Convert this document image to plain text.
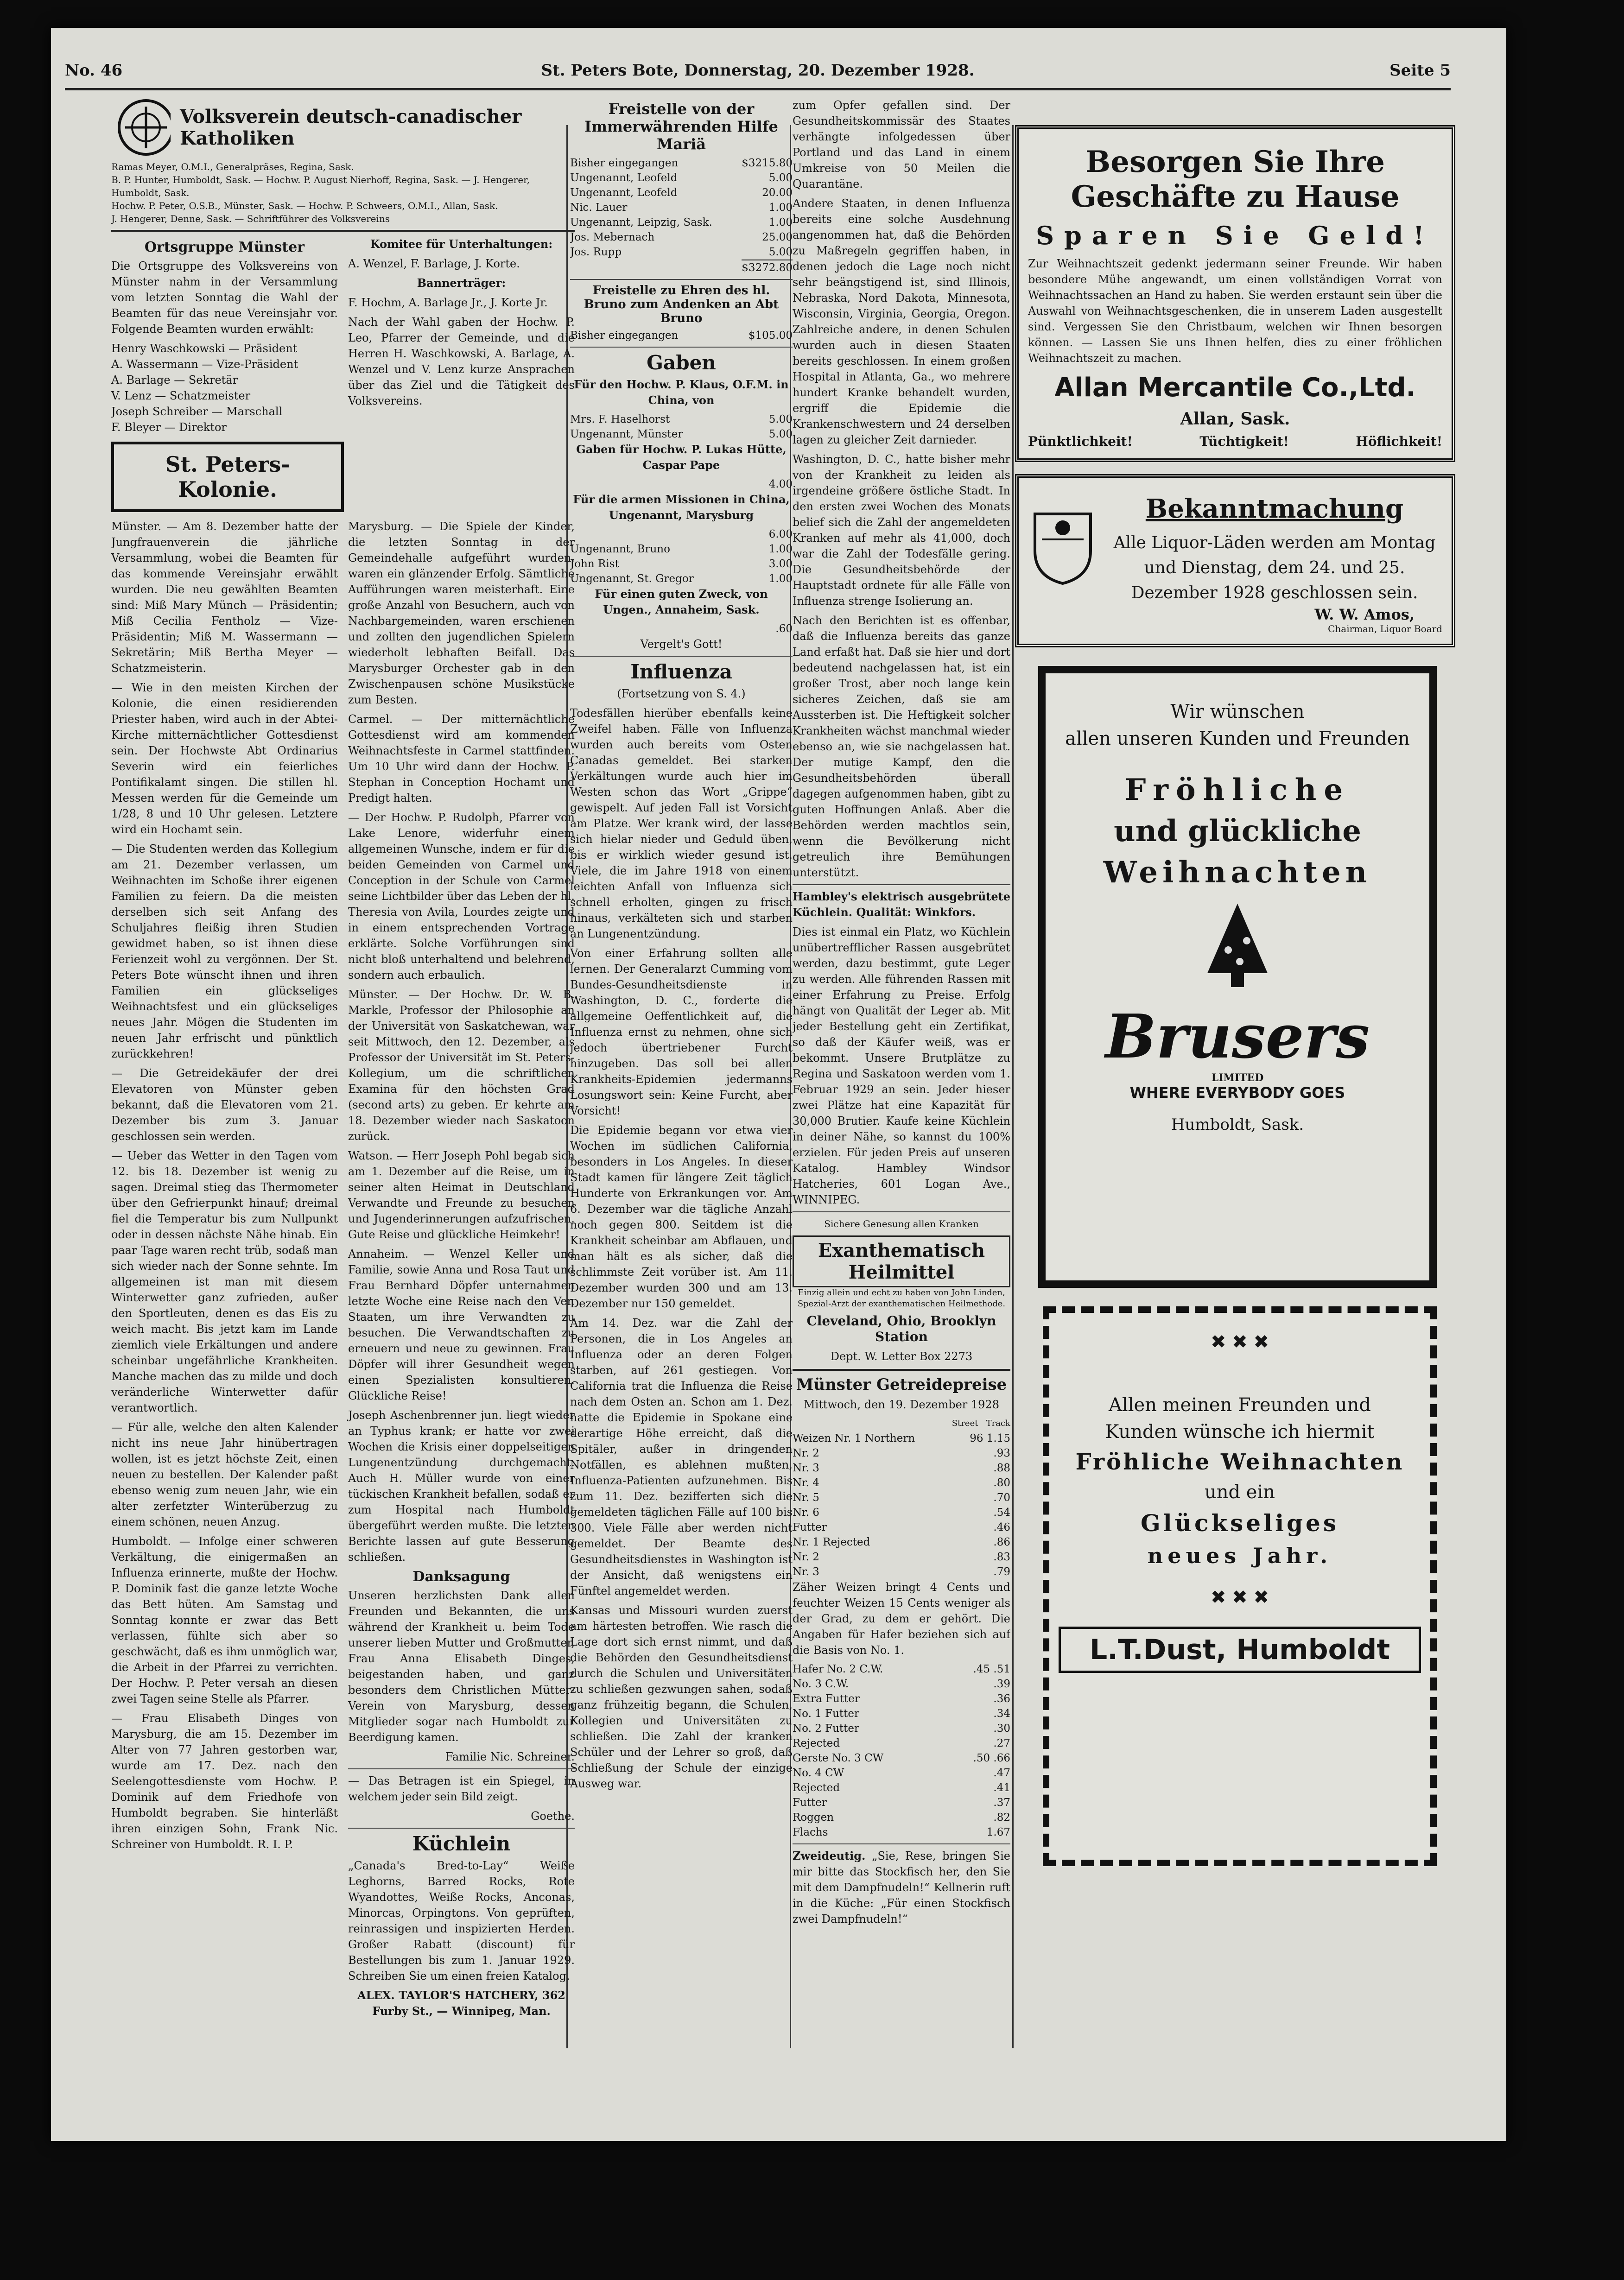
No. 46	St. Peters Bote, Donnerstag, 20. Dezember 1928.	Seite 5
Volksverein deutsch-canadischer Katholiken
Ramas Meyer, O.M.I., Generalpräses, Regina, Sask.
B. P. Hunter, Humboldt, Sask. — Hochw. P. August Nierhoff, Regina, Sask. — J. Hengerer, Humboldt, Sask.
Hochw. P. Peter, O.S.B., Münster, Sask. — Hochw. P. Schweers, O.M.I., Allan, Sask.
J. Hengerer, Denne, Sask. — Schriftführer des Volksvereins
Ortsgruppe Münster

Die Ortsgruppe des Volksvereins von Münster nahm in der Versammlung vom letzten Sonntag die Wahl der Beamten für das neue Vereinsjahr vor. Folgende Beamten wurden erwählt:

Henry Waschkowski — Präsident

A. Wassermann — Vize-Präsident

A. Barlage — Sekretär

V. Lenz — Schatzmeister

Joseph Schreiber — Marschall

F. Bleyer — Direktor

Komitee für Unterhaltungen:

A. Wenzel, F. Barlage, J. Korte.

Bannerträger:

F. Hochm, A. Barlage Jr., J. Korte Jr.

Nach der Wahl gaben der Hochw. P. Leo, Pfarrer der Gemeinde, und die Herren H. Waschkowski, A. Barlage, A. Wenzel und V. Lenz kurze Ansprachen über das Ziel und die Tätigkeit des Volksvereins.

St. Peters-Kolonie.

Münster. — Am 8. Dezember hatte der Jungfrauenverein die jährliche Versammlung, wobei die Beamten für das kommende Vereinsjahr erwählt wurden. Die neu gewählten Beamten sind: Miß Mary Münch — Präsidentin; Miß Cecilia Fentholz — Vize-Präsidentin; Miß M. Wassermann — Sekretärin; Miß Bertha Meyer — Schatzmeisterin.

— Wie in den meisten Kirchen der Kolonie, die einen residierenden Priester haben, wird auch in der Abtei-Kirche mitternächtlicher Gottesdienst sein. Der Hochwste Abt Ordinarius Severin wird ein feierliches Pontifikalamt singen. Die stillen hl. Messen werden für die Gemeinde um 1/28, 8 und 10 Uhr gelesen. Letztere wird ein Hochamt sein.

— Die Studenten werden das Kollegium am 21. Dezember verlassen, um Weihnachten im Schoße ihrer eigenen Familien zu feiern. Da die meisten derselben sich seit Anfang des Schuljahres fleißig ihren Studien gewidmet haben, so ist ihnen diese Ferienzeit wohl zu vergönnen. Der St. Peters Bote wünscht ihnen und ihren Familien ein glückseliges Weihnachtsfest und ein glückseliges neues Jahr. Mögen die Studenten im neuen Jahr erfrischt und pünktlich zurückkehren!

— Die Getreidekäufer der drei Elevatoren von Münster geben bekannt, daß die Elevatoren vom 21. Dezember bis zum 3. Januar geschlossen sein werden.

— Ueber das Wetter in den Tagen vom 12. bis 18. Dezember ist wenig zu sagen. Dreimal stieg das Thermometer über den Gefrierpunkt hinauf; dreimal fiel die Temperatur bis zum Nullpunkt oder in dessen nächste Nähe hinab. Ein paar Tage waren recht trüb, sodaß man sich wieder nach der Sonne sehnte. Im allgemeinen ist man mit diesem Winterwetter ganz zufrieden, außer den Sportleuten, denen es das Eis zu weich macht. Bis jetzt kam im Lande ziemlich viele Erkältungen und andere scheinbar ungefährliche Krankheiten. Manche machen das zu milde und doch veränderliche Winterwetter dafür verantwortlich.

— Für alle, welche den alten Kalender nicht ins neue Jahr hinübertragen wollen, ist es jetzt höchste Zeit, einen neuen zu bestellen. Der Kalender paßt ebenso wenig zum neuen Jahr, wie ein alter zerfetzter Winterüberzug zu einem schönen, neuen Anzug.

Humboldt. — Infolge einer schweren Verkältung, die einigermaßen an Influenza erinnerte, mußte der Hochw. P. Dominik fast die ganze letzte Woche das Bett hüten. Am Samstag und Sonntag konnte er zwar das Bett verlassen, fühlte sich aber so geschwächt, daß es ihm unmöglich war, die Arbeit in der Pfarrei zu verrichten. Der Hochw. P. Peter versah an diesen zwei Tagen seine Stelle als Pfarrer.

— Frau Elisabeth Dinges von Marysburg, die am 15. Dezember im Alter von 77 Jahren gestorben war, wurde am 17. Dez. nach den Seelengottesdienste vom Hochw. P. Dominik auf dem Friedhofe von Humboldt begraben. Sie hinterläßt ihren einzigen Sohn, Frank Nic. Schreiner von Humboldt. R. I. P.

Marysburg. — Die Spiele der Kinder, die letzten Sonntag in der Gemeindehalle aufgeführt wurden, waren ein glänzender Erfolg. Sämtliche Aufführungen waren meisterhaft. Eine große Anzahl von Besuchern, auch von Nachbargemeinden, waren erschienen und zollten den jugendlichen Spielern wiederholt lebhaften Beifall. Das Marysburger Orchester gab in den Zwischenpausen schöne Musikstücke zum Besten.

Carmel. — Der mitternächtliche Gottesdienst wird am kommenden Weihnachtsfeste in Carmel stattfinden. Um 10 Uhr wird dann der Hochw. P. Stephan in Conception Hochamt und Predigt halten.

— Der Hochw. P. Rudolph, Pfarrer von Lake Lenore, widerfuhr einem allgemeinen Wunsche, indem er für die beiden Gemeinden von Carmel und Conception in der Schule von Carmel seine Lichtbilder über das Leben der hl. Theresia von Avila, Lourdes zeigte und in einem entsprechenden Vortrage erklärte. Solche Vorführungen sind nicht bloß unterhaltend und belehrend, sondern auch erbaulich.

Münster. — Der Hochw. Dr. W. B. Markle, Professor der Philosophie an der Universität von Saskatchewan, war seit Mittwoch, den 12. Dezember, als Professor der Universität im St. Peters-Kollegium, um die schriftlichen Examina für den höchsten Grad (second arts) zu geben. Er kehrte am 18. Dezember wieder nach Saskatoon zurück.

Watson. — Herr Joseph Pohl begab sich am 1. Dezember auf die Reise, um in seiner alten Heimat in Deutschland Verwandte und Freunde zu besuchen und Jugenderinnerungen aufzufrischen. Gute Reise und glückliche Heimkehr!

Annaheim. — Wenzel Keller und Familie, sowie Anna und Rosa Taut und Frau Bernhard Döpfer unternahmen letzte Woche eine Reise nach den Ver. Staaten, um ihre Verwandten zu besuchen. Die Verwandtschaften zu erneuern und neue zu gewinnen. Frau Döpfer will ihrer Gesundheit wegen einen Spezialisten konsultieren. Glückliche Reise!

Joseph Aschenbrenner jun. liegt wieder an Typhus krank; er hatte vor zwei Wochen die Krisis einer doppelseitigen Lungenentzündung durchgemacht. Auch H. Müller wurde von einer tückischen Krankheit befallen, sodaß er zum Hospital nach Humboldt übergeführt werden mußte. Die letzten Berichte lassen auf gute Besserung schließen.

Danksagung

Unseren herzlichsten Dank allen Freunden und Bekannten, die uns während der Krankheit u. beim Tode unserer lieben Mutter und Großmutter, Frau Anna Elisabeth Dinges, beigestanden haben, und ganz besonders dem Christlichen Mütter-Verein von Marysburg, dessen Mitglieder sogar nach Humboldt zur Beerdigung kamen.

Familie Nic. Schreiner.

— Das Betragen ist ein Spiegel, in welchem jeder sein Bild zeigt.

Goethe.

Küchlein

„Canada's Bred-to-Lay“ Weiße Leghorns, Barred Rocks, Rote Wyandottes, Weiße Rocks, Anconas, Minorcas, Orpingtons. Von geprüften, reinrassigen und inspizierten Herden. Großer Rabatt (discount) für Bestellungen bis zum 1. Januar 1929. Schreiben Sie um einen freien Katalog.

ALEX. TAYLOR'S HATCHERY, 362 Furby St., — Winnipeg, Man.

Freistelle von der Immerwährenden Hilfe Mariä
Bisher eingegangen	$3215.80
Ungenannt, Leofeld	5.00
Ungenannt, Leofeld	20.00
Nic. Lauer	1.00
Ungenannt, Leipzig, Sask.	1.00
Jos. Mebernach	25.00
Jos. Rupp	5.00
$3272.80
Freistelle zu Ehren des hl. Bruno zum Andenken an Abt Bruno
Bisher eingegangen	$105.00
Gaben

Für den Hochw. P. Klaus, O.F.M. in China, von

Mrs. F. Haselhorst	5.00
Ungenannt, Münster	5.00

Gaben für Hochw. P. Lukas Hütte, Caspar Pape

4.00

Für die armen Missionen in China, Ungenannt, Marysburg

6.00
Ungenannt, Bruno	1.00
John Rist	3.00
Ungenannt, St. Gregor	1.00

Für einen guten Zweck, von Ungen., Annaheim, Sask.

.60

Vergelt's Gott!

Influenza

(Fortsetzung von S. 4.)

Todesfällen hierüber ebenfalls keine Zweifel haben. Fälle von Influenza wurden auch bereits vom Osten Canadas gemeldet. Bei starken Verkältungen wurde auch hier im Westen schon das Wort „Grippe“ gewispelt. Auf jeden Fall ist Vorsicht am Platze. Wer krank wird, der lasse sich hielar nieder und Geduld üben, bis er wirklich wieder gesund ist. Viele, die im Jahre 1918 von einem leichten Anfall von Influenza sich schnell erholten, gingen zu frisch hinaus, verkälteten sich und starben an Lungenentzündung.

Von einer Erfahrung sollten alle lernen. Der Generalarzt Cumming vom Bundes-Gesundheitsdienste in Washington, D. C., forderte die allgemeine Oeffentlichkeit auf, die Influenza ernst zu nehmen, ohne sich jedoch übertriebener Furcht hinzugeben. Das soll bei allen Krankheits-Epidemien jedermanns Losungswort sein: Keine Furcht, aber Vorsicht!

Die Epidemie begann vor etwa vier Wochen im südlichen California, besonders in Los Angeles. In dieser Stadt kamen für längere Zeit täglich Hunderte von Erkrankungen vor. Am 6. Dezember war die tägliche Anzahl noch gegen 800. Seitdem ist die Krankheit scheinbar am Abflauen, und man hält es als sicher, daß die schlimmste Zeit vorüber ist. Am 11. Dezember wurden 300 und am 13. Dezember nur 150 gemeldet.

Am 14. Dez. war die Zahl der Personen, die in Los Angeles an Influenza oder an deren Folgen starben, auf 261 gestiegen. Von California trat die Influenza die Reise nach dem Osten an. Schon am 1. Dez. hatte die Epidemie in Spokane eine derartige Höhe erreicht, daß die Spitäler, außer in dringenden Notfällen, es ablehnen mußten, Influenza-Patienten aufzunehmen. Bis zum 11. Dez. bezifferten sich die gemeldeten täglichen Fälle auf 100 bis 300. Viele Fälle aber werden nicht gemeldet. Der Beamte des Gesundheitsdienstes in Washington ist der Ansicht, daß wenigstens ein Fünftel angemeldet werden.

Kansas und Missouri wurden zuerst am härtesten betroffen. Wie rasch die Lage dort sich ernst nimmt, und daß die Behörden den Gesundheitsdienst durch die Schulen und Universitäten zu schließen gezwungen sahen, sodaß ganz frühzeitig begann, die Schulen, Kollegien und Universitäten zu schließen. Die Zahl der kranken Schüler und der Lehrer so groß, daß Schließung der Schule der einzige Ausweg war.

zum Opfer gefallen sind. Der Gesundheitskommissär des Staates verhängte infolgedessen über Portland und das Land in einem Umkreise von 50 Meilen die Quarantäne.

Andere Staaten, in denen Influenza bereits eine solche Ausdehnung angenommen hat, daß die Behörden zu Maßregeln gegriffen haben, in denen jedoch die Lage noch nicht sehr beängstigend ist, sind Illinois, Nebraska, Nord Dakota, Minnesota, Wisconsin, Virginia, Georgia, Oregon. Zahlreiche andere, in denen Schulen wurden auch in diesen Staaten bereits geschlossen. In einem großen Hospital in Atlanta, Ga., wo mehrere hundert Kranke behandelt wurden, ergriff die Epidemie die Krankenschwestern und 24 derselben lagen zu gleicher Zeit darnieder.

Washington, D. C., hatte bisher mehr von der Krankheit zu leiden als irgendeine größere östliche Stadt. In den ersten zwei Wochen des Monats belief sich die Zahl der angemeldeten Kranken auf mehr als 41,000, doch war die Zahl der Todesfälle gering. Die Gesundheitsbehörde der Hauptstadt ordnete für alle Fälle von Influenza strenge Isolierung an.

Nach den Berichten ist es offenbar, daß die Influenza bereits das ganze Land erfaßt hat. Daß sie hier und dort bedeutend nachgelassen hat, ist ein großer Trost, aber noch lange kein sicheres Zeichen, daß sie am Aussterben ist. Die Heftigkeit solcher Krankheiten wächst manchmal wieder ebenso an, wie sie nachgelassen hat. Der mutige Kampf, den die Gesundheitsbehörden überall dagegen aufgenommen haben, gibt zu guten Hoffnungen Anlaß. Aber die Behörden werden machtlos sein, wenn die Bevölkerung nicht getreulich ihre Bemühungen unterstützt.

Hambley's elektrisch ausgebrütete Küchlein. Qualität: Winkfors.

Dies ist einmal ein Platz, wo Küchlein unübertrefflicher Rassen ausgebrütet werden, dazu bestimmt, gute Leger zu werden. Alle führenden Rassen mit einer Erfahrung zu Preise. Erfolg hängt von Qualität der Leger ab. Mit jeder Bestellung geht ein Zertifikat, so daß der Käufer weiß, was er bekommt. Unsere Brutplätze zu Regina und Saskatoon werden vom 1. Februar 1929 an sein. Jeder hieser zwei Plätze hat eine Kapazität für 30,000 Brutier. Kaufe keine Küchlein in deiner Nähe, so kannst du 100% erzielen. Für jeden Preis auf unseren Katalog. Hambley Windsor Hatcheries, 601 Logan Ave., WINNIPEG.

Sichere Genesung allen Kranken

Exanthematisch Heilmittel

Einzig allein und echt zu haben von John Linden, Spezial-Arzt der exanthematischen Heilmethode.

Cleveland, Ohio, Brooklyn Station

Dept. W. Letter Box 2273

Münster Getreidepreise

Mittwoch, den 19. Dezember 1928

Street Track
Weizen Nr. 1 Northern	96 1.15
Nr. 2	.93
Nr. 3	.88
Nr. 4	.80
Nr. 5	.70
Nr. 6	.54
Futter	.46
Nr. 1 Rejected	.86
Nr. 2	.83
Nr. 3	.79

Zäher Weizen bringt 4 Cents und feuchter Weizen 15 Cents weniger als der Grad, zu dem er gehört. Die Angaben für Hafer beziehen sich auf die Basis von No. 1.

Hafer No. 2 C.W.	.45 .51
No. 3 C.W.	.39
Extra Futter	.36
No. 1 Futter	.34
No. 2 Futter	.30
Rejected	.27
Gerste No. 3 CW	.50 .66
No. 4 CW	.47
Rejected	.41
Futter	.37
Roggen	.82
Flachs	1.67

Zweideutig. „Sie, Rese, bringen Sie mir bitte das Stockfisch her, den Sie mit dem Dampfnudeln!“ Kellnerin ruft in die Küche: „Für einen Stockfisch zwei Dampfnudeln!“

Besorgen Sie Ihre Geschäfte zu Hause
Sparen Sie Geld!

Zur Weihnachtszeit gedenkt jedermann seiner Freunde. Wir haben besondere Mühe angewandt, um einen vollständigen Vorrat von Weihnachtssachen an Hand zu haben. Sie werden erstaunt sein über die Auswahl von Weihnachtsgeschenken, die in unserem Laden ausgestellt sind. Vergessen Sie den Christbaum, welchen wir Ihnen besorgen können. — Lassen Sie uns Ihnen helfen, dies zu einer fröhlichen Weihnachtszeit zu machen.

Allan Mercantile Co.,Ltd.
Allan, Sask.
Pünktlichkeit!	Tüchtigkeit!	Höflichkeit!
Bekanntmachung
Alle Liquor-Läden werden am Montag und Dienstag, dem 24. und 25. Dezember 1928 geschlossen sein.
W. W. Amos,
Chairman, Liquor Board
Wir wünschen
allen unseren Kunden und Freunden
Fröhliche
und glückliche
Weihnachten
Brusers
LIMITED
WHERE EVERYBODY GOES
Humboldt, Sask.
✖ ✖ ✖
Allen meinen Freunden und
Kunden wünsche ich hiermit
Fröhliche Weihnachten
und ein
Glückseliges
neues Jahr.
✖ ✖ ✖
L.T.Dust, Humboldt
